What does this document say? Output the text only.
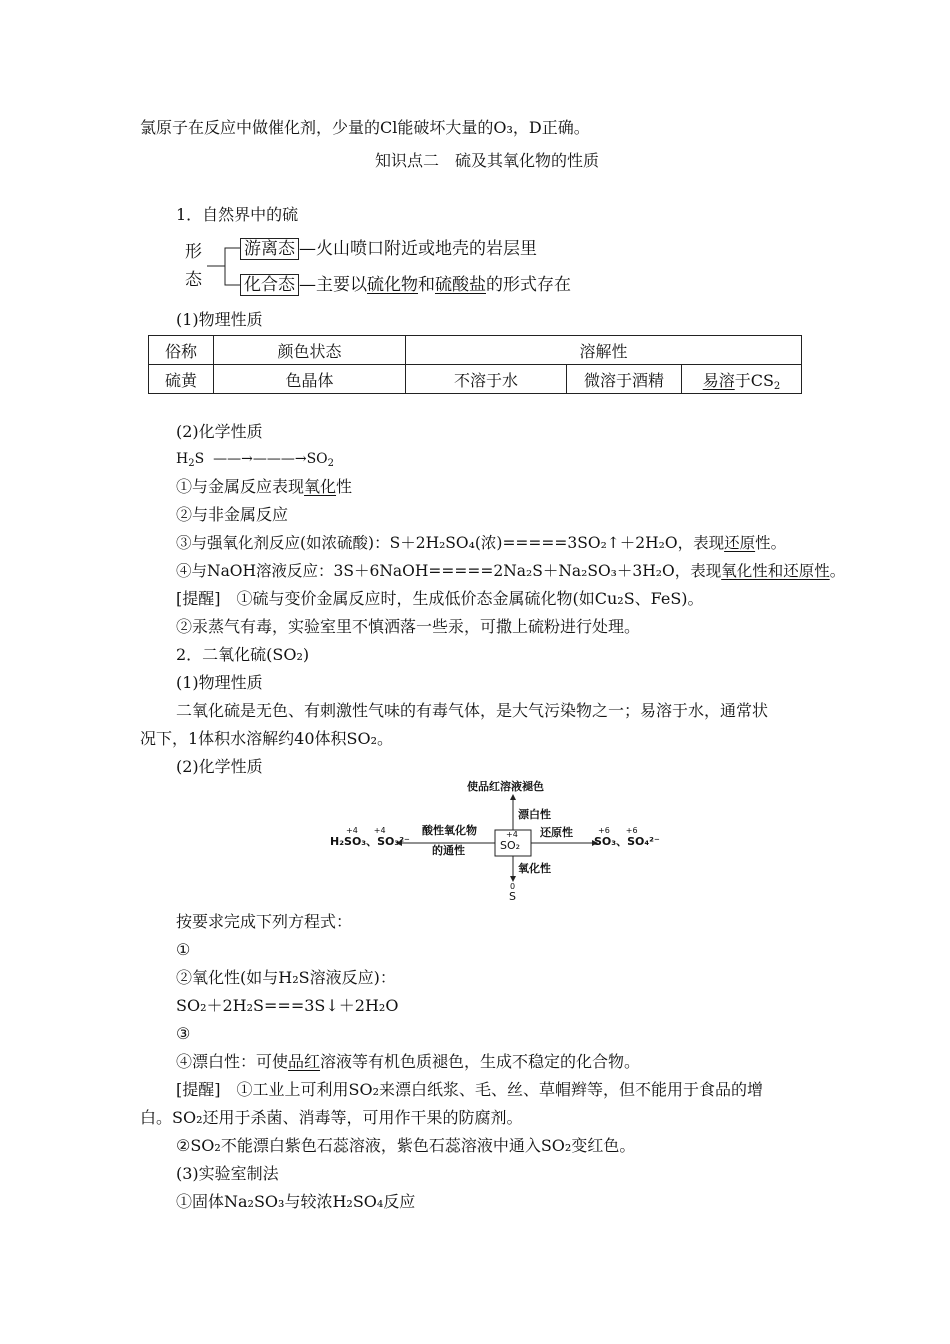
氯原子在反应中做催化剂，少量的Cl能破坏大量的O₃，D正确。
知识点二　硫及其氧化物的性质
1．自然界中的硫
形
态
游离态 —火山喷口附近或地壳的岩层里
化合态 —主要以硫化物和硫酸盐的形式存在
(1)物理性质
俗称	颜色状态	溶解性		
硫黄	色晶体	不溶于水	微溶于酒精	易溶于$CS_2$
(2)化学性质
$H_2S$  $——\to———\to SO_2$
①与金属反应表现氧化性
②与非金属反应
③与强氧化剂反应(如浓硫酸)：S＋2H₂SO₄(浓)=====3SO₂↑＋2H₂O，表现还原性。
④与NaOH溶液反应：3S＋6NaOH=====2Na₂S＋Na₂SO₃＋3H₂O，表现氧化性和还原性。
[提醒]　①硫与变价金属反应时，生成低价态金属硫化物(如Cu₂S、FeS)。
②汞蒸气有毒，实验室里不慎洒落一些汞，可撒上硫粉进行处理。
2．二氧化硫(SO₂)
(1)物理性质
二氧化硫是无色、有刺激性气味的有毒气体，是大气污染物之一；易溶于水，通常状
况下，1体积水溶解约40体积SO₂。
(2)化学性质
使品红溶液褪色
漂白性
酸性氧化物
的通性
还原性
氧化性
+4
SO₂
+4　　+4
H₂SO₃、SO₃²⁻
+6　　+6
SO₃、SO₄²⁻
0
S
按要求完成下列方程式：
①
②氧化性(如与H₂S溶液反应)：
SO₂＋2H₂S===3S↓＋2H₂O
③
④漂白性：可使品红溶液等有机色质褪色，生成不稳定的化合物。
[提醒]　①工业上可利用SO₂来漂白纸浆、毛、丝、草帽辫等，但不能用于食品的增
白。SO₂还用于杀菌、消毒等，可用作干果的防腐剂。
②SO₂不能漂白紫色石蕊溶液，紫色石蕊溶液中通入SO₂变红色。
(3)实验室制法
①固体Na₂SO₃与较浓H₂SO₄反应
